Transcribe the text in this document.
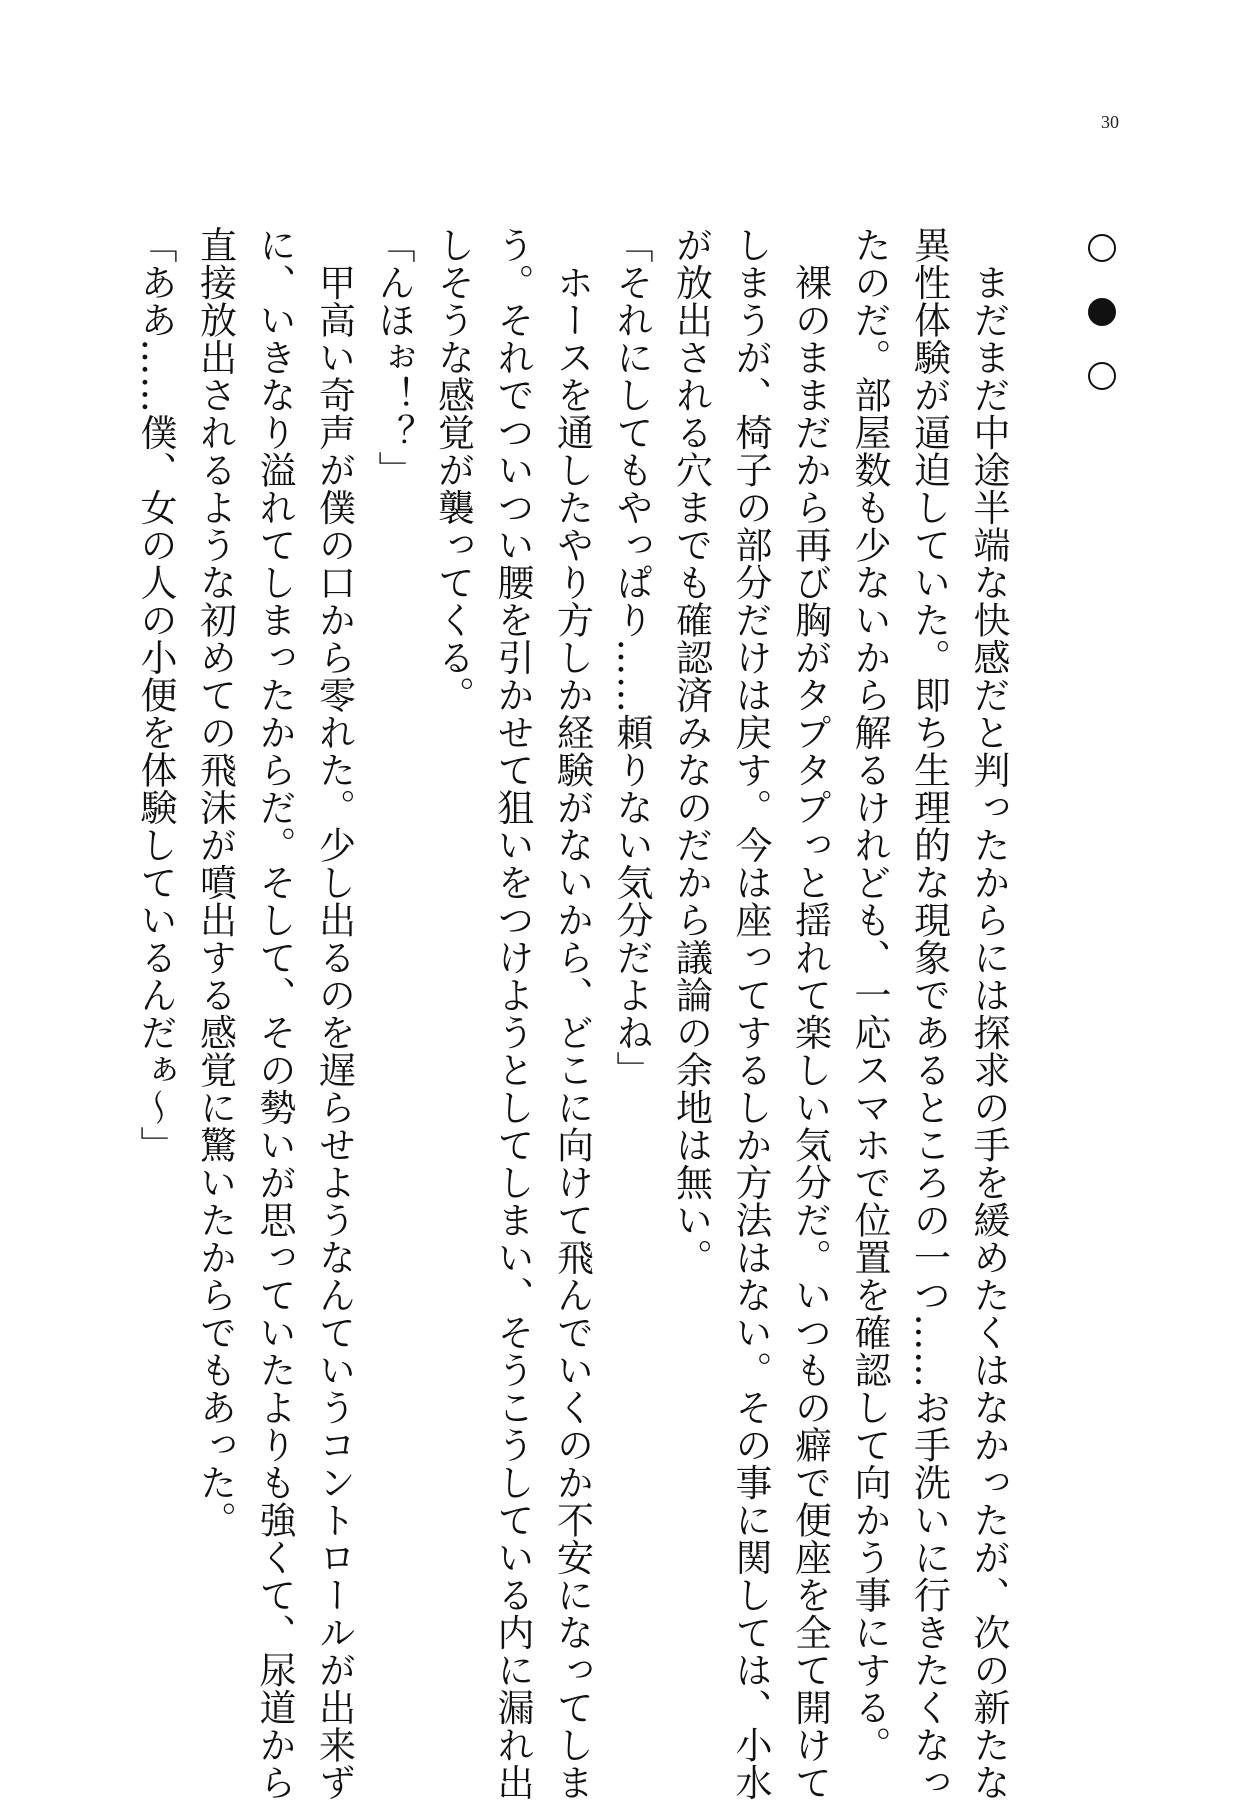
30
　まだまだ中途半端な快感だと判ったからには探求の手を緩めたくはなかったが、次の新たな
異性体験が逼迫していた。即ち生理的な現象であるところの一つ……お手洗いに行きたくなっ
たのだ。部屋数も少ないから解るけれども、一応スマホで位置を確認して向かう事にする。
　裸のままだから再び胸がタプタプっと揺れて楽しい気分だ。いつもの癖で便座を全て開けて
しまうが、椅子の部分だけは戻す。今は座ってするしか方法はない。その事に関しては、小水
が放出される穴までも確認済みなのだから議論の余地は無い。
「それにしてもやっぱり……頼りない気分だよね」
　ホースを通したやり方しか経験がないから、どこに向けて飛んでいくのか不安になってしま
う。それでついつい腰を引かせて狙いをつけようとしてしまい、そうこうしている内に漏れ出
しそうな感覚が襲ってくる。
「んほぉ！？」
　甲高い奇声が僕の口から零れた。少し出るのを遅らせようなんていうコントロールが出来ず
に、いきなり溢れてしまったからだ。そして、その勢いが思っていたよりも強くて、尿道から
直接放出されるような初めての飛沫が噴出する感覚に驚いたからでもあった。
「ああ……僕、女の人の小便を体験しているんだぁ～」
